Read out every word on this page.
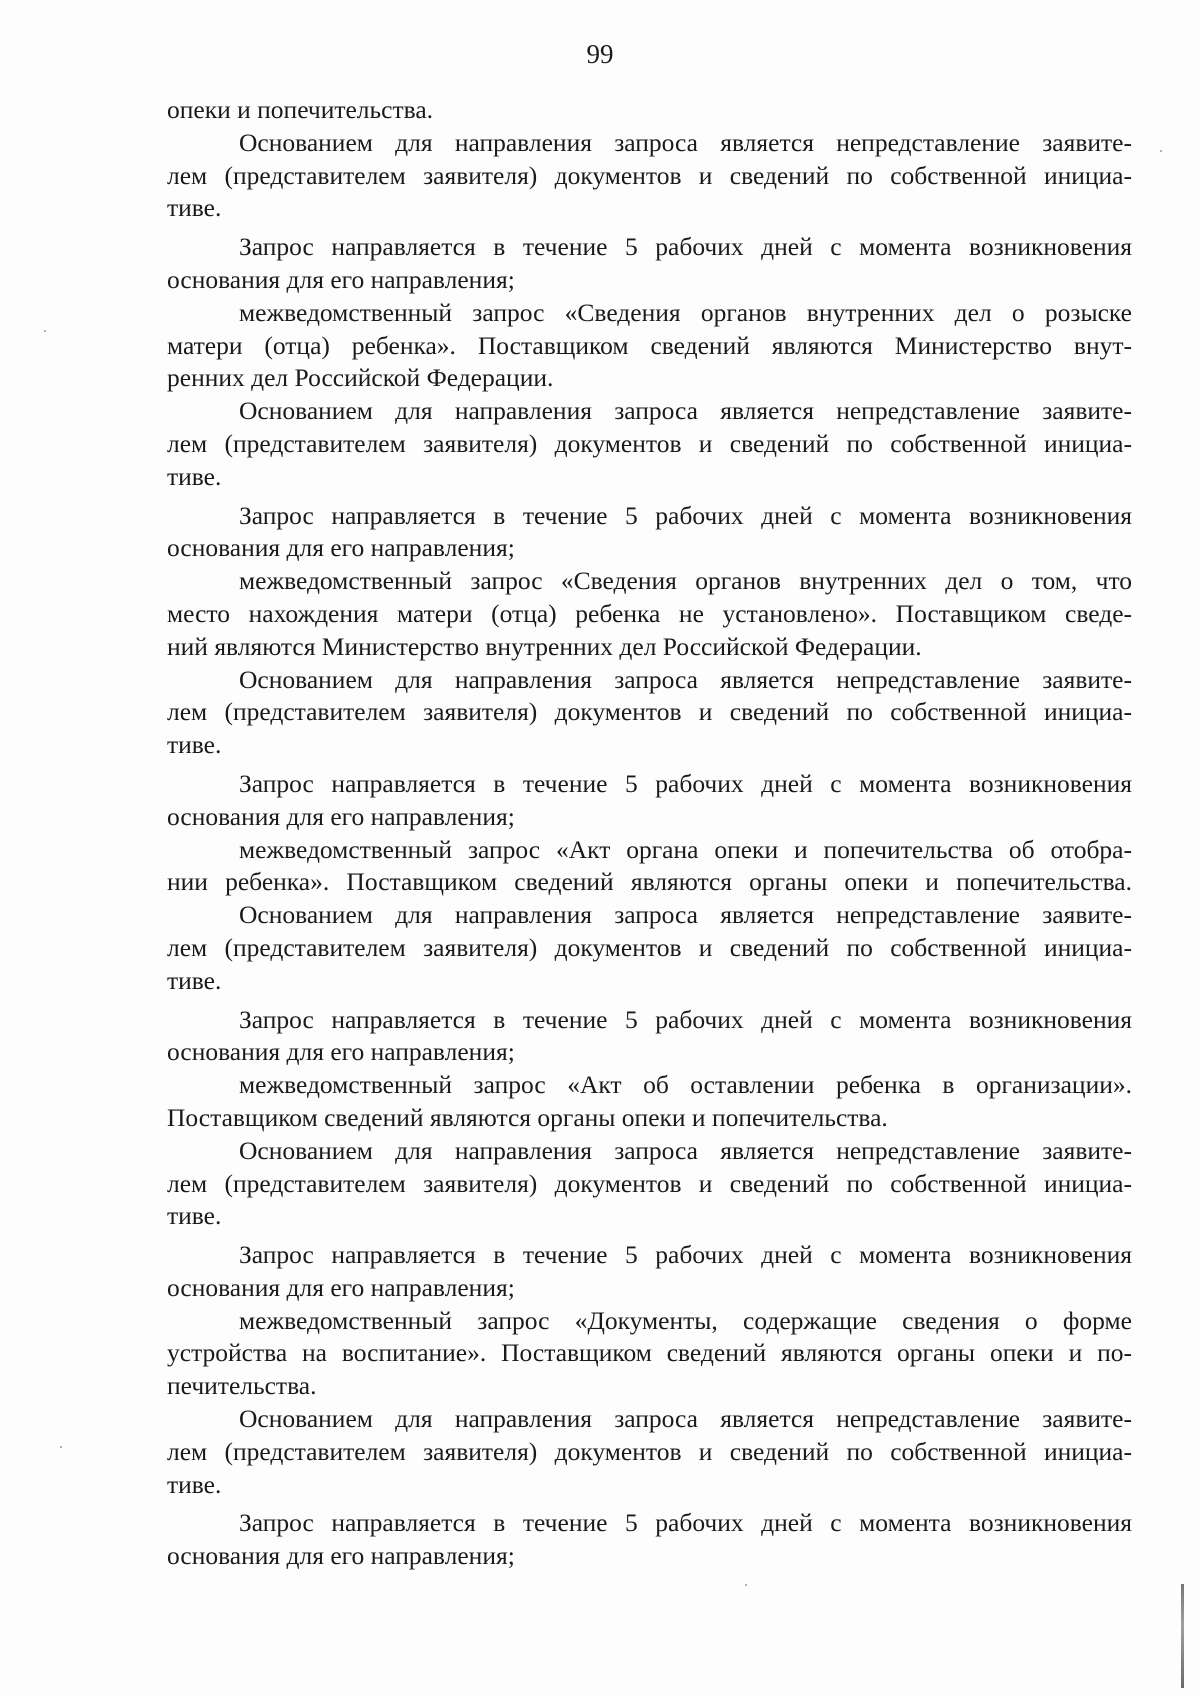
99
опеки и попечительства.
Основанием для направления запроса является непредставление заявите-
лем (представителем заявителя) документов и сведений по собственной инициа-
тиве.
Запрос направляется в течение 5 рабочих дней с момента возникновения
основания для его направления;
межведомственный запрос «Сведения органов внутренних дел о розыске
матери (отца) ребенка». Поставщиком сведений являются Министерство внут-
ренних дел Российской Федерации.
Основанием для направления запроса является непредставление заявите-
лем (представителем заявителя) документов и сведений по собственной инициа-
тиве.
Запрос направляется в течение 5 рабочих дней с момента возникновения
основания для его направления;
межведомственный запрос «Сведения органов внутренних дел о том, что
место нахождения матери (отца) ребенка не установлено». Поставщиком сведе-
ний являются Министерство внутренних дел Российской Федерации.
Основанием для направления запроса является непредставление заявите-
лем (представителем заявителя) документов и сведений по собственной инициа-
тиве.
Запрос направляется в течение 5 рабочих дней с момента возникновения
основания для его направления;
межведомственный запрос «Акт органа опеки и попечительства об отобра-
нии ребенка». Поставщиком сведений являются органы опеки и попечительства.
Основанием для направления запроса является непредставление заявите-
лем (представителем заявителя) документов и сведений по собственной инициа-
тиве.
Запрос направляется в течение 5 рабочих дней с момента возникновения
основания для его направления;
межведомственный запрос «Акт об оставлении ребенка в организации».
Поставщиком сведений являются органы опеки и попечительства.
Основанием для направления запроса является непредставление заявите-
лем (представителем заявителя) документов и сведений по собственной инициа-
тиве.
Запрос направляется в течение 5 рабочих дней с момента возникновения
основания для его направления;
межведомственный запрос «Документы, содержащие сведения о форме
устройства на воспитание». Поставщиком сведений являются органы опеки и по-
печительства.
Основанием для направления запроса является непредставление заявите-
лем (представителем заявителя) документов и сведений по собственной инициа-
тиве.
Запрос направляется в течение 5 рабочих дней с момента возникновения
основания для его направления;
